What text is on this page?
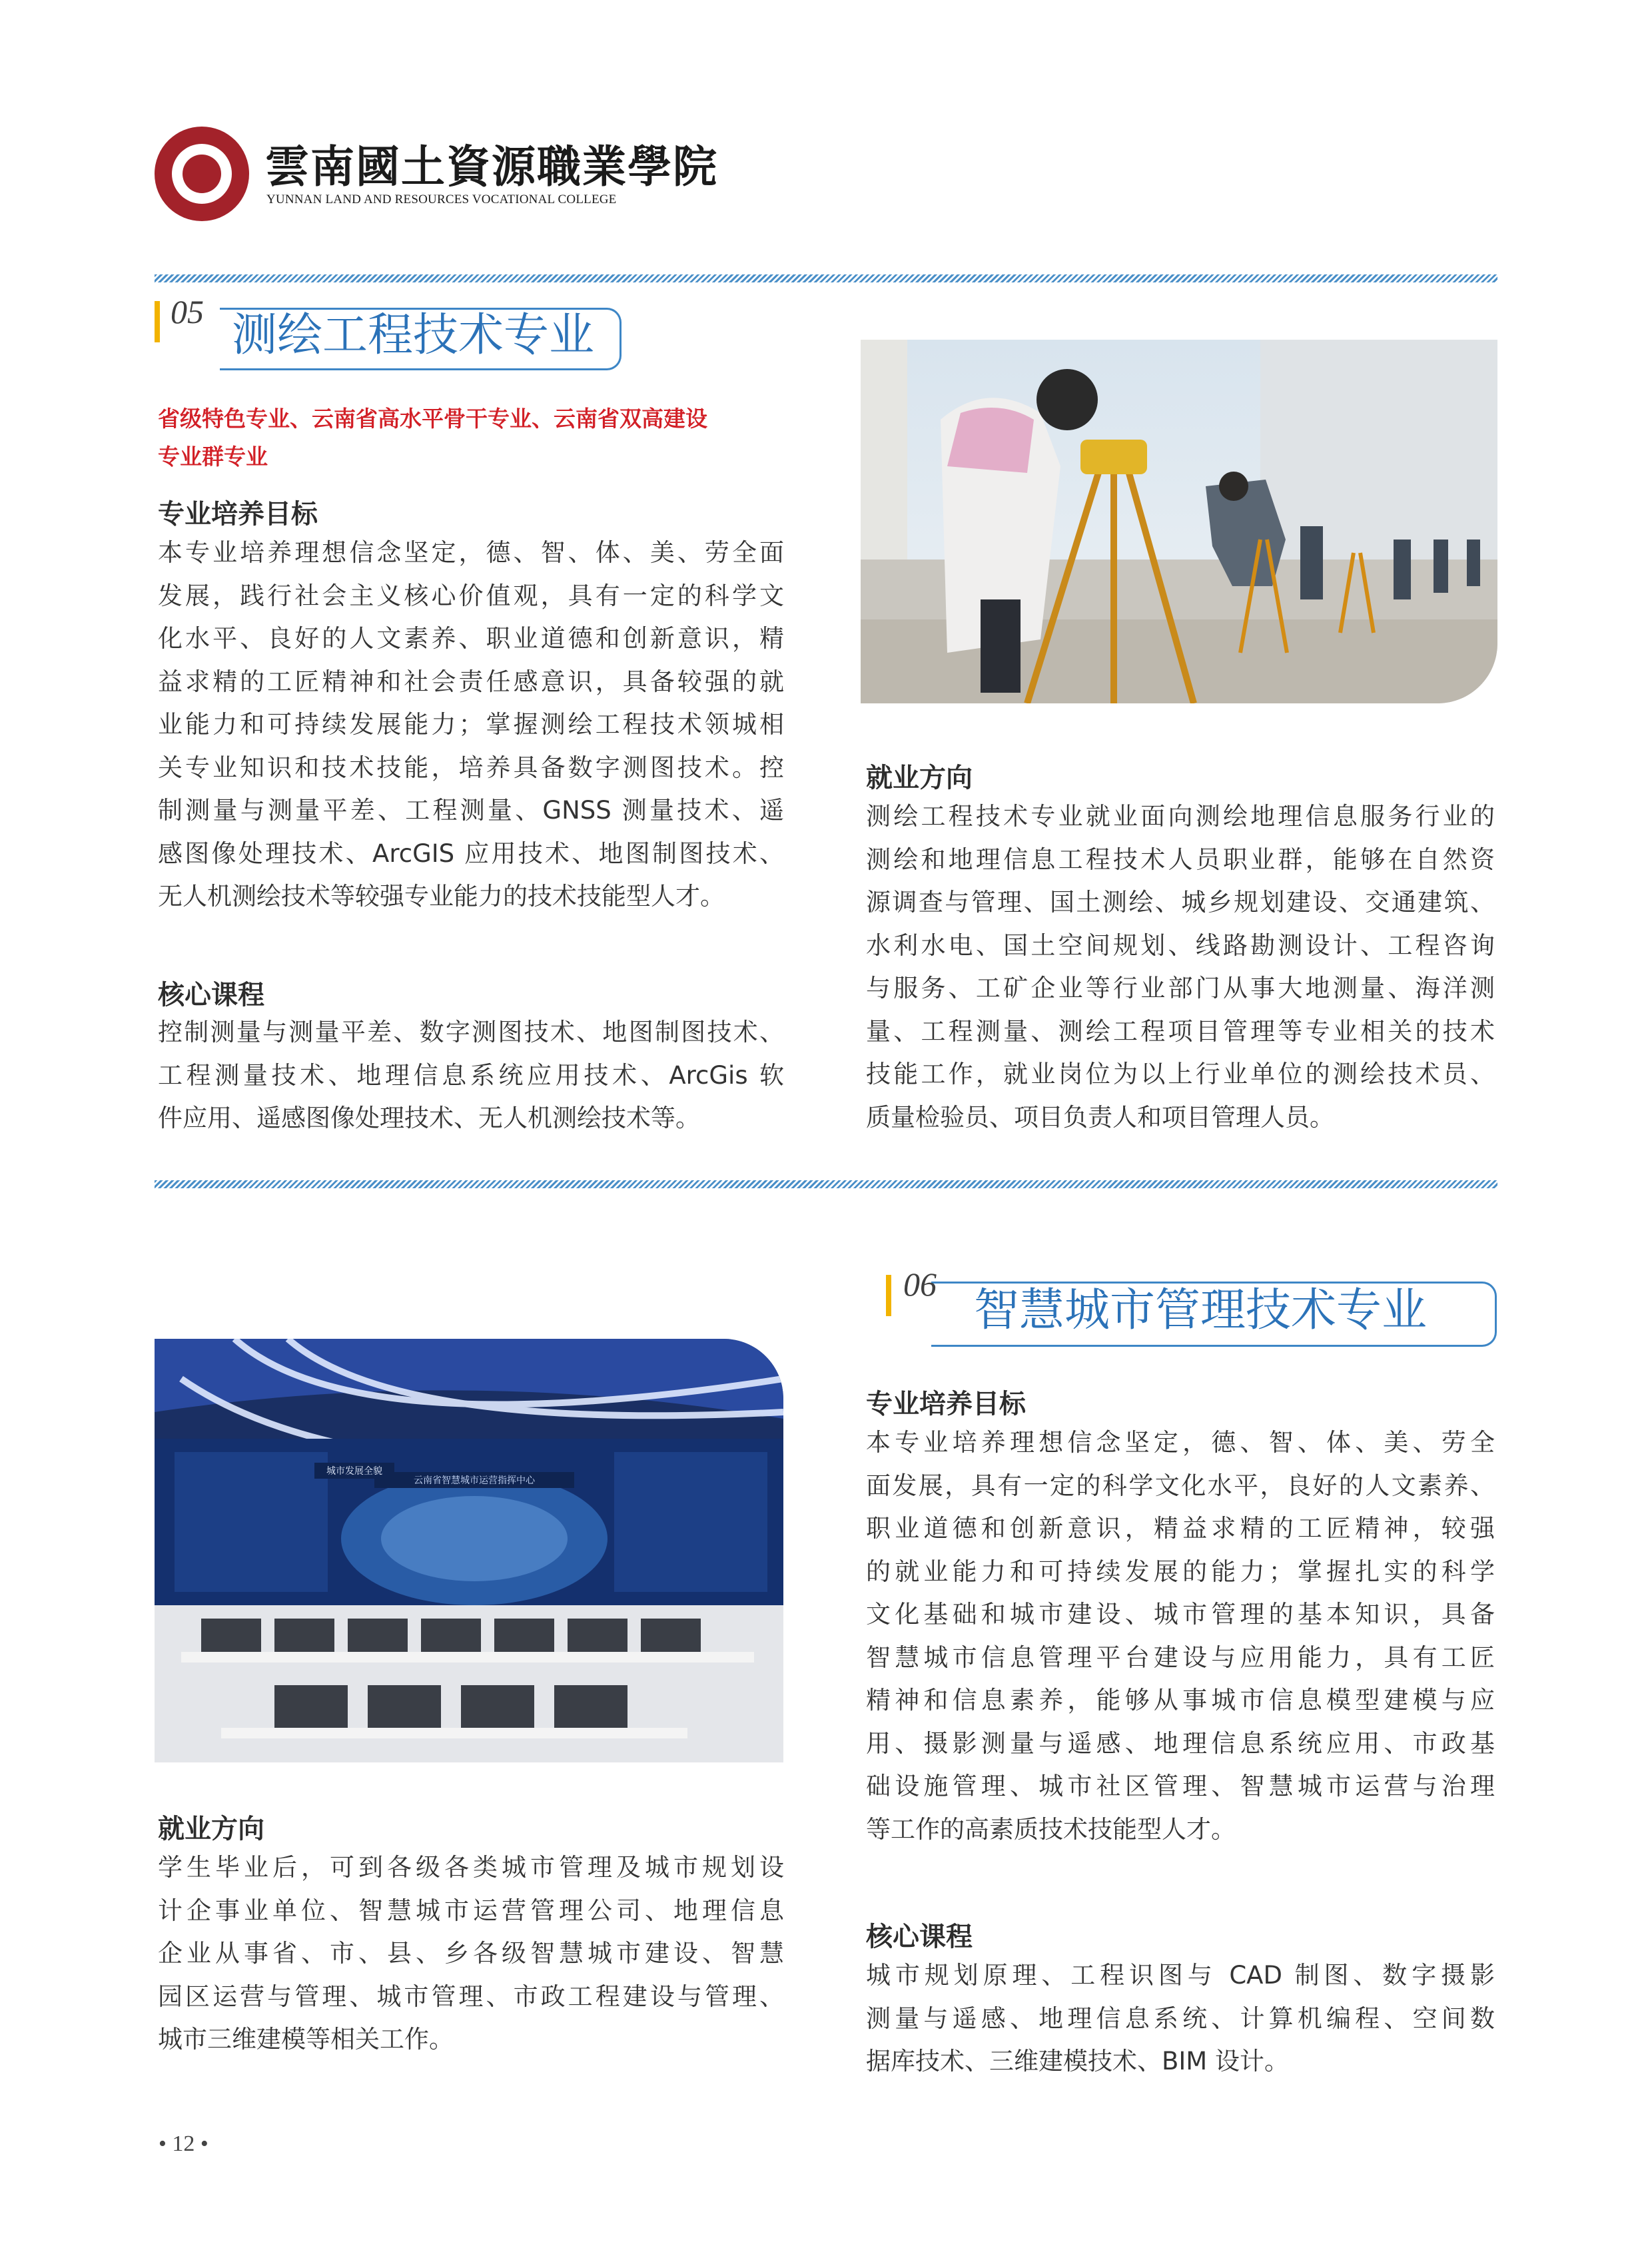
雲南國土資源職業學院
YUNNAN LAND AND RESOURCES VOCATIONAL COLLEGE
05 测绘工程技术专业
省级特色专业、云南省高水平骨干专业、云南省双高建设
专业群专业
专业培养目标
本专业培养理想信念坚定，德、智、体、美、劳全面
发展，践行社会主义核心价值观，具有一定的科学文
化水平、良好的人文素养、职业道德和创新意识，精
益求精的工匠精神和社会责任感意识，具备较强的就
业能力和可持续发展能力；掌握测绘工程技术领城相
关专业知识和技术技能，培养具备数字测图技术。控
制测量与测量平差、工程测量、GNSS 测量技术、遥
感图像处理技术、ArcGIS 应用技术、地图制图技术、
无人机测绘技术等较强专业能力的技术技能型人才。
核心课程
控制测量与测量平差、数字测图技术、地图制图技术、
工程测量技术、地理信息系统应用技术、ArcGis 软
件应用、遥感图像处理技术、无人机测绘技术等。
就业方向
测绘工程技术专业就业面向测绘地理信息服务行业的
测绘和地理信息工程技术人员职业群，能够在自然资
源调查与管理、国土测绘、城乡规划建设、交通建筑、
水利水电、国土空间规划、线路勘测设计、工程咨询
与服务、工矿企业等行业部门从事大地测量、海洋测
量、工程测量、测绘工程项目管理等专业相关的技术
技能工作，就业岗位为以上行业单位的测绘技术员、
质量检验员、项目负责人和项目管理人员。
06 智慧城市管理技术专业
专业培养目标
本专业培养理想信念坚定，德、智、体、美、劳全
面发展，具有一定的科学文化水平，良好的人文素养、
职业道德和创新意识，精益求精的工匠精神，较强
的就业能力和可持续发展的能力；掌握扎实的科学
文化基础和城市建设、城市管理的基本知识，具备
智慧城市信息管理平台建设与应用能力，具有工匠
精神和信息素养，能够从事城市信息模型建模与应
用、摄影测量与遥感、地理信息系统应用、市政基
础设施管理、城市社区管理、智慧城市运营与治理
等工作的高素质技术技能型人才。
核心课程
城市规划原理、工程识图与 CAD 制图、数字摄影
测量与遥感、地理信息系统、计算机编程、空间数
据库技术、三维建模技术、BIM 设计。
云南省智慧城市运营指挥中心
城市发展全貌
就业方向
学生毕业后，可到各级各类城市管理及城市规划设
计企事业单位、智慧城市运营管理公司、地理信息
企业从事省、市、县、乡各级智慧城市建设、智慧
园区运营与管理、城市管理、市政工程建设与管理、
城市三维建模等相关工作。
• 12 •
